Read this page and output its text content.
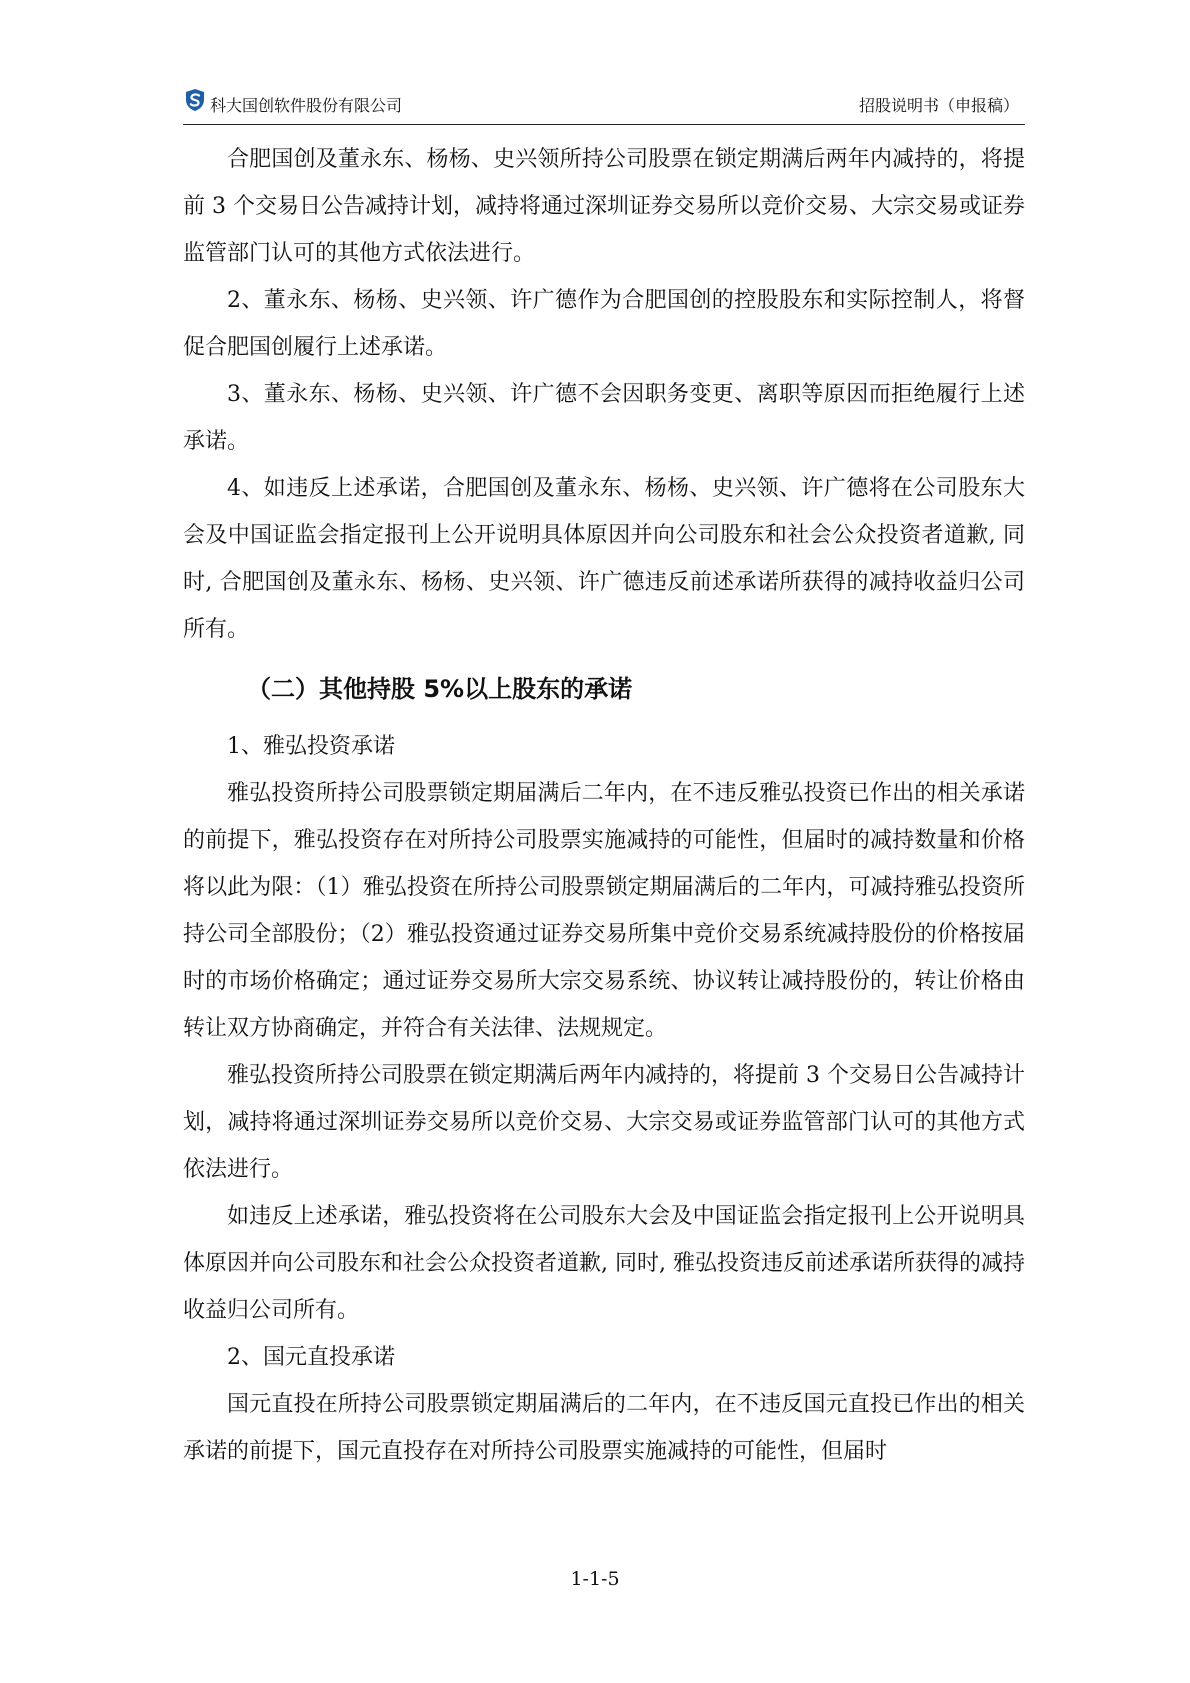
科大国创软件股份有限公司	招股说明书（申报稿）

合肥国创及董永东、杨杨、史兴领所持公司股票在锁定期满后两年内减持的，将提前 3 个交易日公告减持计划，减持将通过深圳证券交易所以竞价交易、大宗交易或证券监管部门认可的其他方式依法进行。

2、董永东、杨杨、史兴领、许广德作为合肥国创的控股股东和实际控制人，将督促合肥国创履行上述承诺。

3、董永东、杨杨、史兴领、许广德不会因职务变更、离职等原因而拒绝履行上述承诺。

4、如违反上述承诺，合肥国创及董永东、杨杨、史兴领、许广德将在公司股东大会及中国证监会指定报刊上公开说明具体原因并向公司股东和社会公众投资者道歉, 同时, 合肥国创及董永东、杨杨、史兴领、许广德违反前述承诺所获得的减持收益归公司所有。

（二）其他持股 5%以上股东的承诺

1、雅弘投资承诺

雅弘投资所持公司股票锁定期届满后二年内，在不违反雅弘投资已作出的相关承诺的前提下，雅弘投资存在对所持公司股票实施减持的可能性，但届时的减持数量和价格将以此为限：（1）雅弘投资在所持公司股票锁定期届满后的二年内，可减持雅弘投资所持公司全部股份；（2）雅弘投资通过证券交易所集中竞价交易系统减持股份的价格按届时的市场价格确定；通过证券交易所大宗交易系统、协议转让减持股份的，转让价格由转让双方协商确定，并符合有关法律、法规规定。

雅弘投资所持公司股票在锁定期满后两年内减持的，将提前 3 个交易日公告减持计划，减持将通过深圳证券交易所以竞价交易、大宗交易或证券监管部门认可的其他方式依法进行。

如违反上述承诺，雅弘投资将在公司股东大会及中国证监会指定报刊上公开说明具体原因并向公司股东和社会公众投资者道歉, 同时, 雅弘投资违反前述承诺所获得的减持收益归公司所有。

2、国元直投承诺

国元直投在所持公司股票锁定期届满后的二年内，在不违反国元直投已作出的相关承诺的前提下，国元直投存在对所持公司股票实施减持的可能性，但届时

1-1-5
